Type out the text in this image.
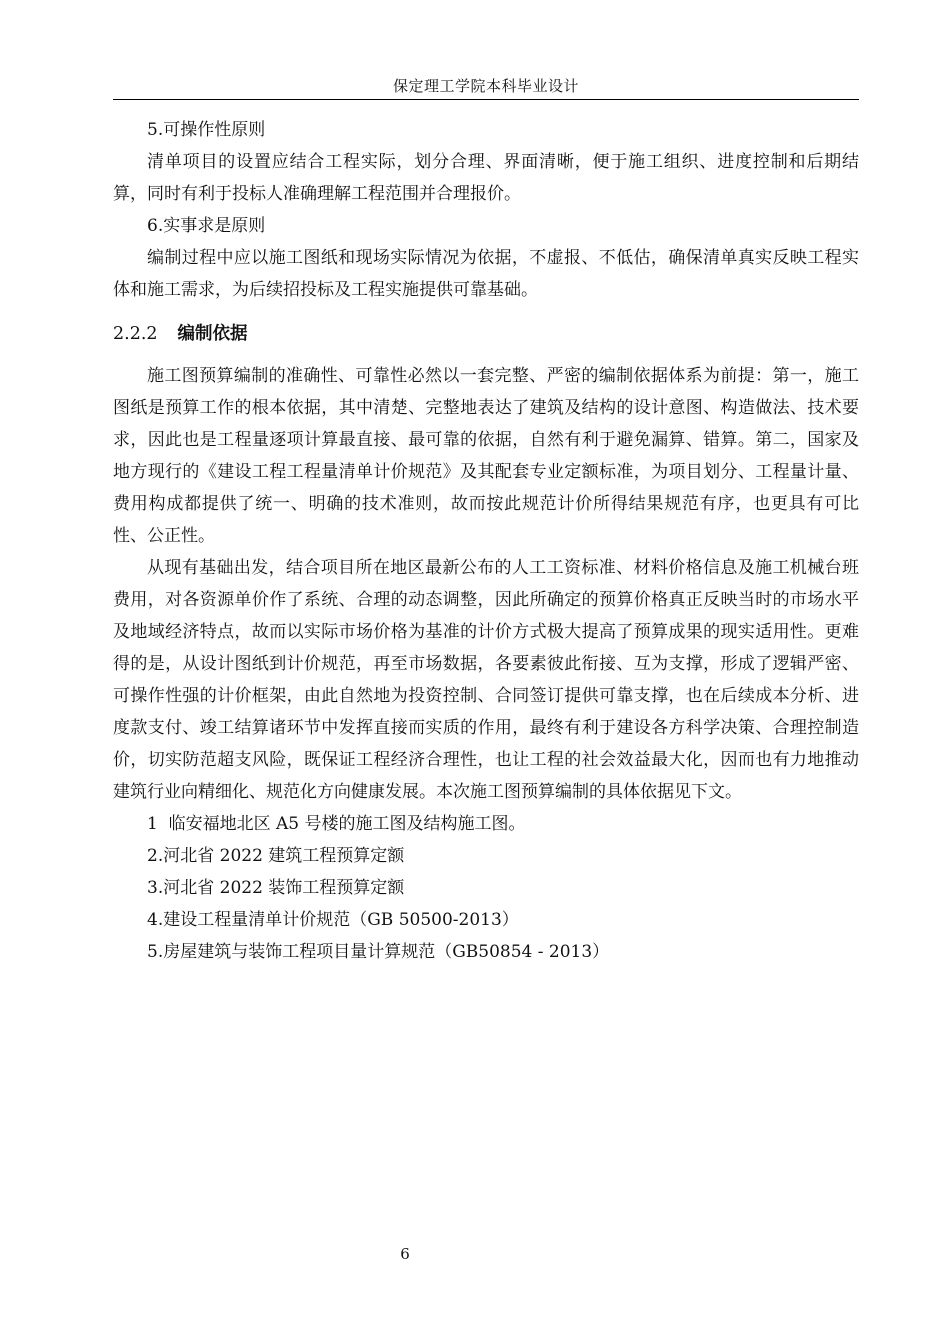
保定理工学院本科毕业设计

5.可操作性原则

清单项目的设置应结合工程实际，划分合理、界面清晰，便于施工组织、进度控制和后期结算，同时有利于投标人准确理解工程范围并合理报价。

6.实事求是原则

编制过程中应以施工图纸和现场实际情况为依据，不虚报、不低估，确保清单真实反映工程实体和施工需求，为后续招投标及工程实施提供可靠基础。

2.2.2 编制依据

施工图预算编制的准确性、可靠性必然以一套完整、严密的编制依据体系为前提：第一，施工图纸是预算工作的根本依据，其中清楚、完整地表达了建筑及结构的设计意图、构造做法、技术要求，因此也是工程量逐项计算最直接、最可靠的依据，自然有利于避免漏算、错算。第二，国家及地方现行的《建设工程工程量清单计价规范》及其配套专业定额标准，为项目划分、工程量计量、费用构成都提供了统一、明确的技术准则，故而按此规范计价所得结果规范有序，也更具有可比性、公正性。

从现有基础出发，结合项目所在地区最新公布的人工工资标准、材料价格信息及施工机械台班费用，对各资源单价作了系统、合理的动态调整，因此所确定的预算价格真正反映当时的市场水平及地域经济特点，故而以实际市场价格为基准的计价方式极大提高了预算成果的现实适用性。更难得的是，从设计图纸到计价规范，再至市场数据，各要素彼此衔接、互为支撑，形成了逻辑严密、可操作性强的计价框架，由此自然地为投资控制、合同签订提供可靠支撑，也在后续成本分析、进度款支付、竣工结算诸环节中发挥直接而实质的作用，最终有利于建设各方科学决策、合理控制造价，切实防范超支风险，既保证工程经济合理性，也让工程的社会效益最大化，因而也有力地推动建筑行业向精细化、规范化方向健康发展。本次施工图预算编制的具体依据见下文。

1  临安福地北区 A5 号楼的施工图及结构施工图。

2.河北省 2022 建筑工程预算定额

3.河北省 2022 装饰工程预算定额

4.建设工程量清单计价规范（GB 50500-2013）

5.房屋建筑与装饰工程项目量计算规范（GB50854 - 2013）

6
